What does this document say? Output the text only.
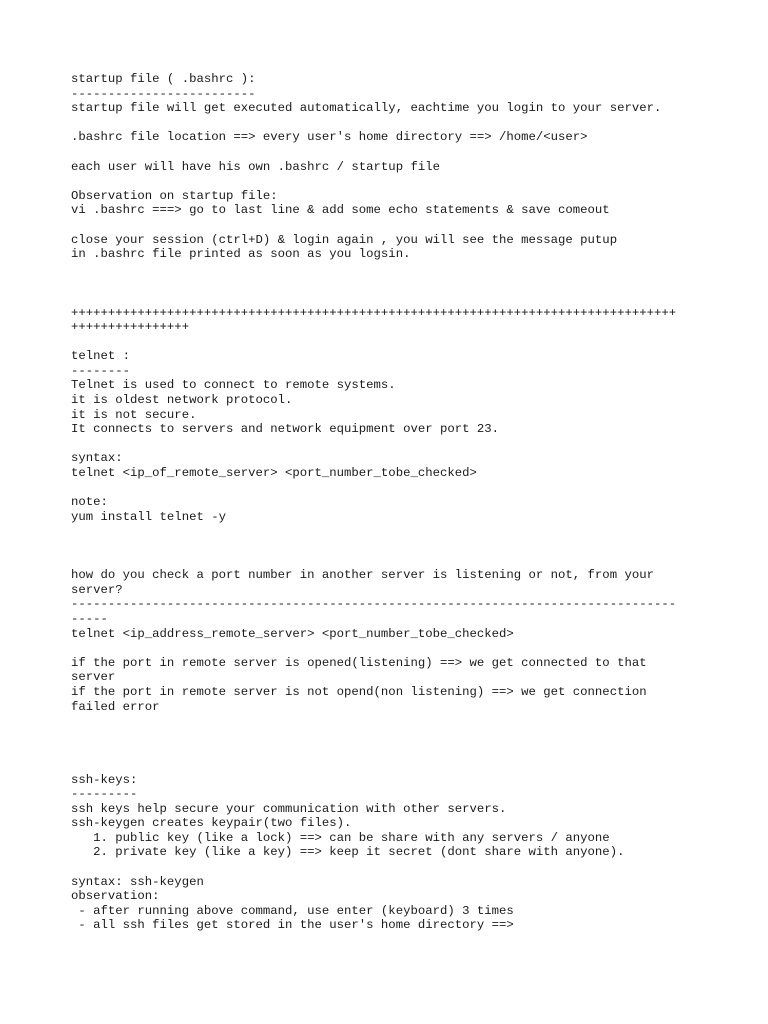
startup file ( .bashrc ):
-------------------------
startup file will get executed automatically, eachtime you login to your server.
.bashrc file location ==> every user's home directory ==> /home/<user>
each user will have his own .bashrc / startup file
Observation on startup file:
vi .bashrc ===> go to last line & add some echo statements & save comeout
close your session (ctrl+D) & login again , you will see the message putup
in .bashrc file printed as soon as you logsin.
++++++++++++++++++++++++++++++++++++++++++++++++++++++++++++++++++++++++++++++++++
++++++++++++++++
telnet :
--------
Telnet is used to connect to remote systems.
it is oldest network protocol.
it is not secure.
It connects to servers and network equipment over port 23.
syntax:
telnet <ip_of_remote_server> <port_number_tobe_checked>
note:
yum install telnet -y
how do you check a port number in another server is listening or not, from your
server?
----------------------------------------------------------------------------------
-----
telnet <ip_address_remote_server> <port_number_tobe_checked>
if the port in remote server is opened(listening) ==> we get connected to that
server
if the port in remote server is not opend(non listening) ==> we get connection
failed error
ssh-keys:
---------
ssh keys help secure your communication with other servers.
ssh-keygen creates keypair(two files).
1. public key (like a lock) ==> can be share with any servers / anyone
2. private key (like a key) ==> keep it secret (dont share with anyone).
syntax: ssh-keygen
observation:
- after running above command, use enter (keyboard) 3 times
- all ssh files get stored in the user's home directory ==>
